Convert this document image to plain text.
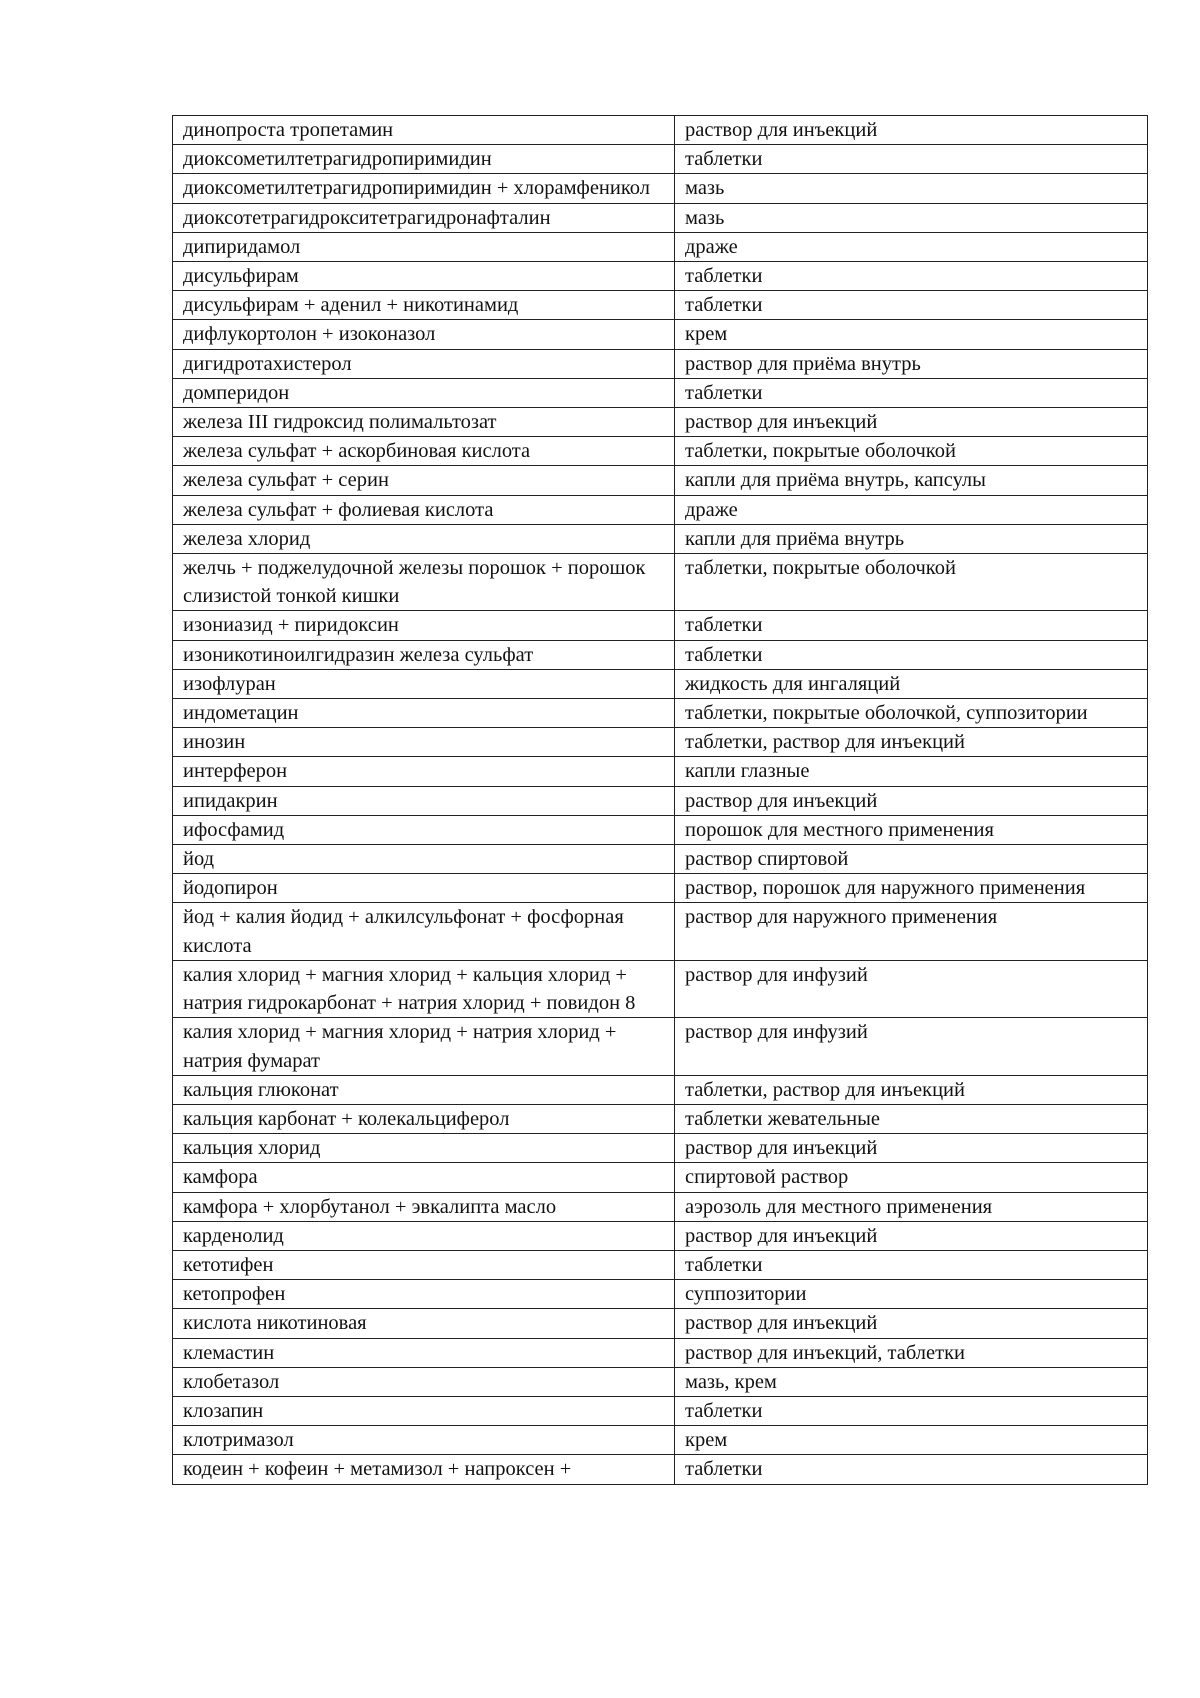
динопроста тропетамин	раствор для инъекций
диоксометилтетрагидропиримидин	таблетки
диоксометилтетрагидропиримидин + хлорамфеникол	мазь
диоксотетрагидрокситетрагидронафталин	мазь
дипиридамол	драже
дисульфирам	таблетки
дисульфирам + аденил + никотинамид	таблетки
дифлукортолон + изоконазол	крем
дигидротахистерол	раствор для приёма внутрь
домперидон	таблетки
железа III гидроксид полимальтозат	раствор для инъекций
железа сульфат + аскорбиновая кислота	таблетки, покрытые оболочкой
железа сульфат + серин	капли для приёма внутрь, капсулы
железа сульфат + фолиевая кислота	драже
железа хлорид	капли для приёма внутрь
желчь + поджелудочной железы порошок + порошок слизистой тонкой кишки	таблетки, покрытые оболочкой
изониазид + пиридоксин	таблетки
изоникотиноилгидразин железа сульфат	таблетки
изофлуран	жидкость для ингаляций
индометацин	таблетки, покрытые оболочкой, суппозитории
инозин	таблетки, раствор для инъекций
интерферон	капли глазные
ипидакрин	раствор для инъекций
ифосфамид	порошок для местного применения
йод	раствор спиртовой
йодопирон	раствор, порошок для наружного применения
йод + калия йодид + алкилсульфонат + фосфорная кислота	раствор для наружного применения
калия хлорид + магния хлорид + кальция хлорид + натрия гидрокарбонат + натрия хлорид + повидон 8	раствор для инфузий
калия хлорид + магния хлорид + натрия хлорид + натрия фумарат	раствор для инфузий
кальция глюконат	таблетки, раствор для инъекций
кальция карбонат + колекальциферол	таблетки жевательные
кальция хлорид	раствор для инъекций
камфора	спиртовой раствор
камфора + хлорбутанол + эвкалипта масло	аэрозоль для местного применения
карденолид	раствор для инъекций
кетотифен	таблетки
кетопрофен	суппозитории
кислота никотиновая	раствор для инъекций
клемастин	раствор для инъекций, таблетки
клобетазол	мазь, крем
клозапин	таблетки
клотримазол	крем
кодеин + кофеин + метамизол + напроксен +	таблетки
